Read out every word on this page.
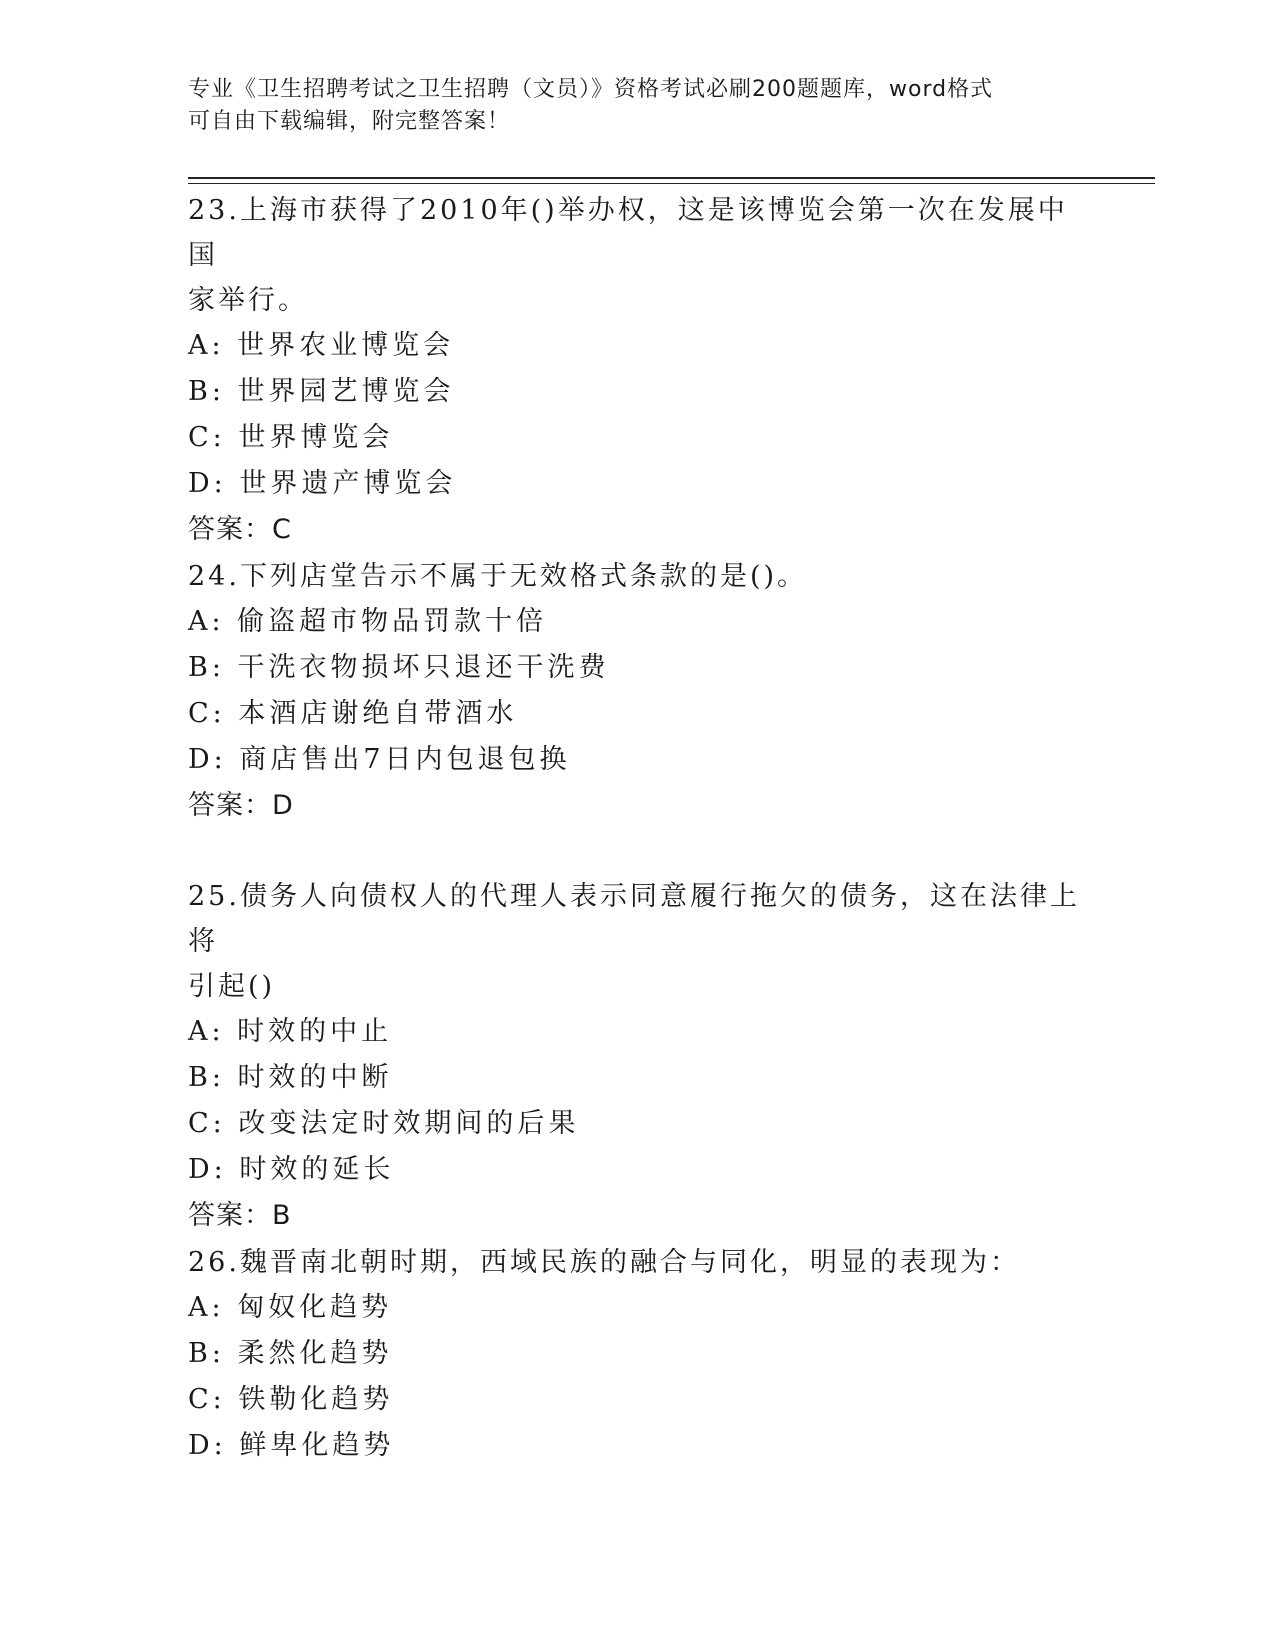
专业《卫生招聘考试之卫生招聘（文员）》资格考试必刷200题题库，word格式
可自由下载编辑，附完整答案！

23.上海市获得了2010年()举办权，这是该博览会第一次在发展中国
家举行。

A: 世界农业博览会
B: 世界园艺博览会
C: 世界博览会
D: 世界遗产博览会

答案：C

24.下列店堂告示不属于无效格式条款的是()。

A: 偷盗超市物品罚款十倍
B: 干洗衣物损坏只退还干洗费
C: 本酒店谢绝自带酒水
D: 商店售出7日内包退包换

答案：D

25.债务人向债权人的代理人表示同意履行拖欠的债务，这在法律上将
引起()

A: 时效的中止
B: 时效的中断
C: 改变法定时效期间的后果
D: 时效的延长

答案：B

26.魏晋南北朝时期，西域民族的融合与同化，明显的表现为：

A: 匈奴化趋势
B: 柔然化趋势
C: 铁勒化趋势
D: 鲜卑化趋势
